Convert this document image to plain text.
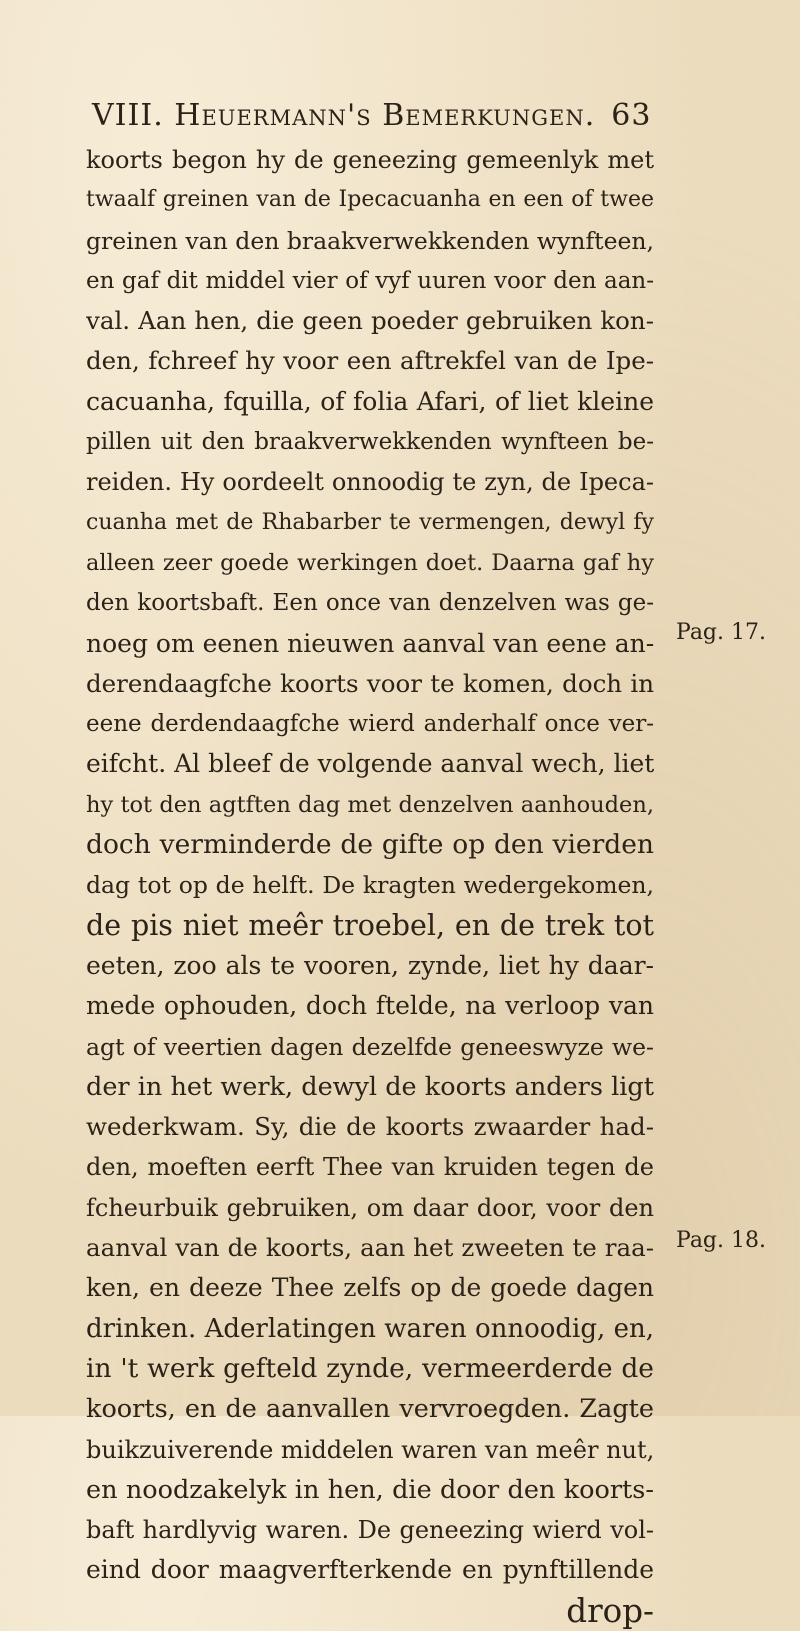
VIII. Heuermann's Bemerkungen. 63
koorts begon hy de geneezing gemeenlyk met
twaalf greinen van de Ipecacuanha en een of twee
greinen van den braakverwekkenden wynfteen,
en gaf dit middel vier of vyf uuren voor den aan-
val. Aan hen, die geen poeder gebruiken kon-
den, fchreef hy voor een aftrekfel van de Ipe-
cacuanha, fquilla, of folia Afari, of liet kleine
pillen uit den braakverwekkenden wynfteen be-
reiden. Hy oordeelt onnoodig te zyn, de Ipeca-
cuanha met de Rhabarber te vermengen, dewyl fy
alleen zeer goede werkingen doet. Daarna gaf hy
den koortsbaft. Een once van denzelven was ge-
noeg om eenen nieuwen aanval van eene an-
derendaagfche koorts voor te komen, doch in
eene derdendaagfche wierd anderhalf once ver-
eifcht. Al bleef de volgende aanval wech, liet
hy tot den agtften dag met denzelven aanhouden,
doch verminderde de gifte op den vierden
dag tot op de helft. De kragten wedergekomen,
de pis niet meêr troebel, en de trek tot
eeten, zoo als te vooren, zynde, liet hy daar-
mede ophouden, doch ftelde, na verloop van
agt of veertien dagen dezelfde geneeswyze we-
der in het werk, dewyl de koorts anders ligt
wederkwam. Sy, die de koorts zwaarder had-
den, moeften eerft Thee van kruiden tegen de
fcheurbuik gebruiken, om daar door, voor den
aanval van de koorts, aan het zweeten te raa-
ken, en deeze Thee zelfs op de goede dagen
drinken. Aderlatingen waren onnoodig, en,
in 't werk gefteld zynde, vermeerderde de
koorts, en de aanvallen vervroegden. Zagte
buikzuiverende middelen waren van meêr nut,
en noodzakelyk in hen, die door den koorts-
baft hardlyvig waren. De geneezing wierd vol-
eind door maagverfterkende en pynftillende
drop-
Pag. 17.
Pag. 18.
